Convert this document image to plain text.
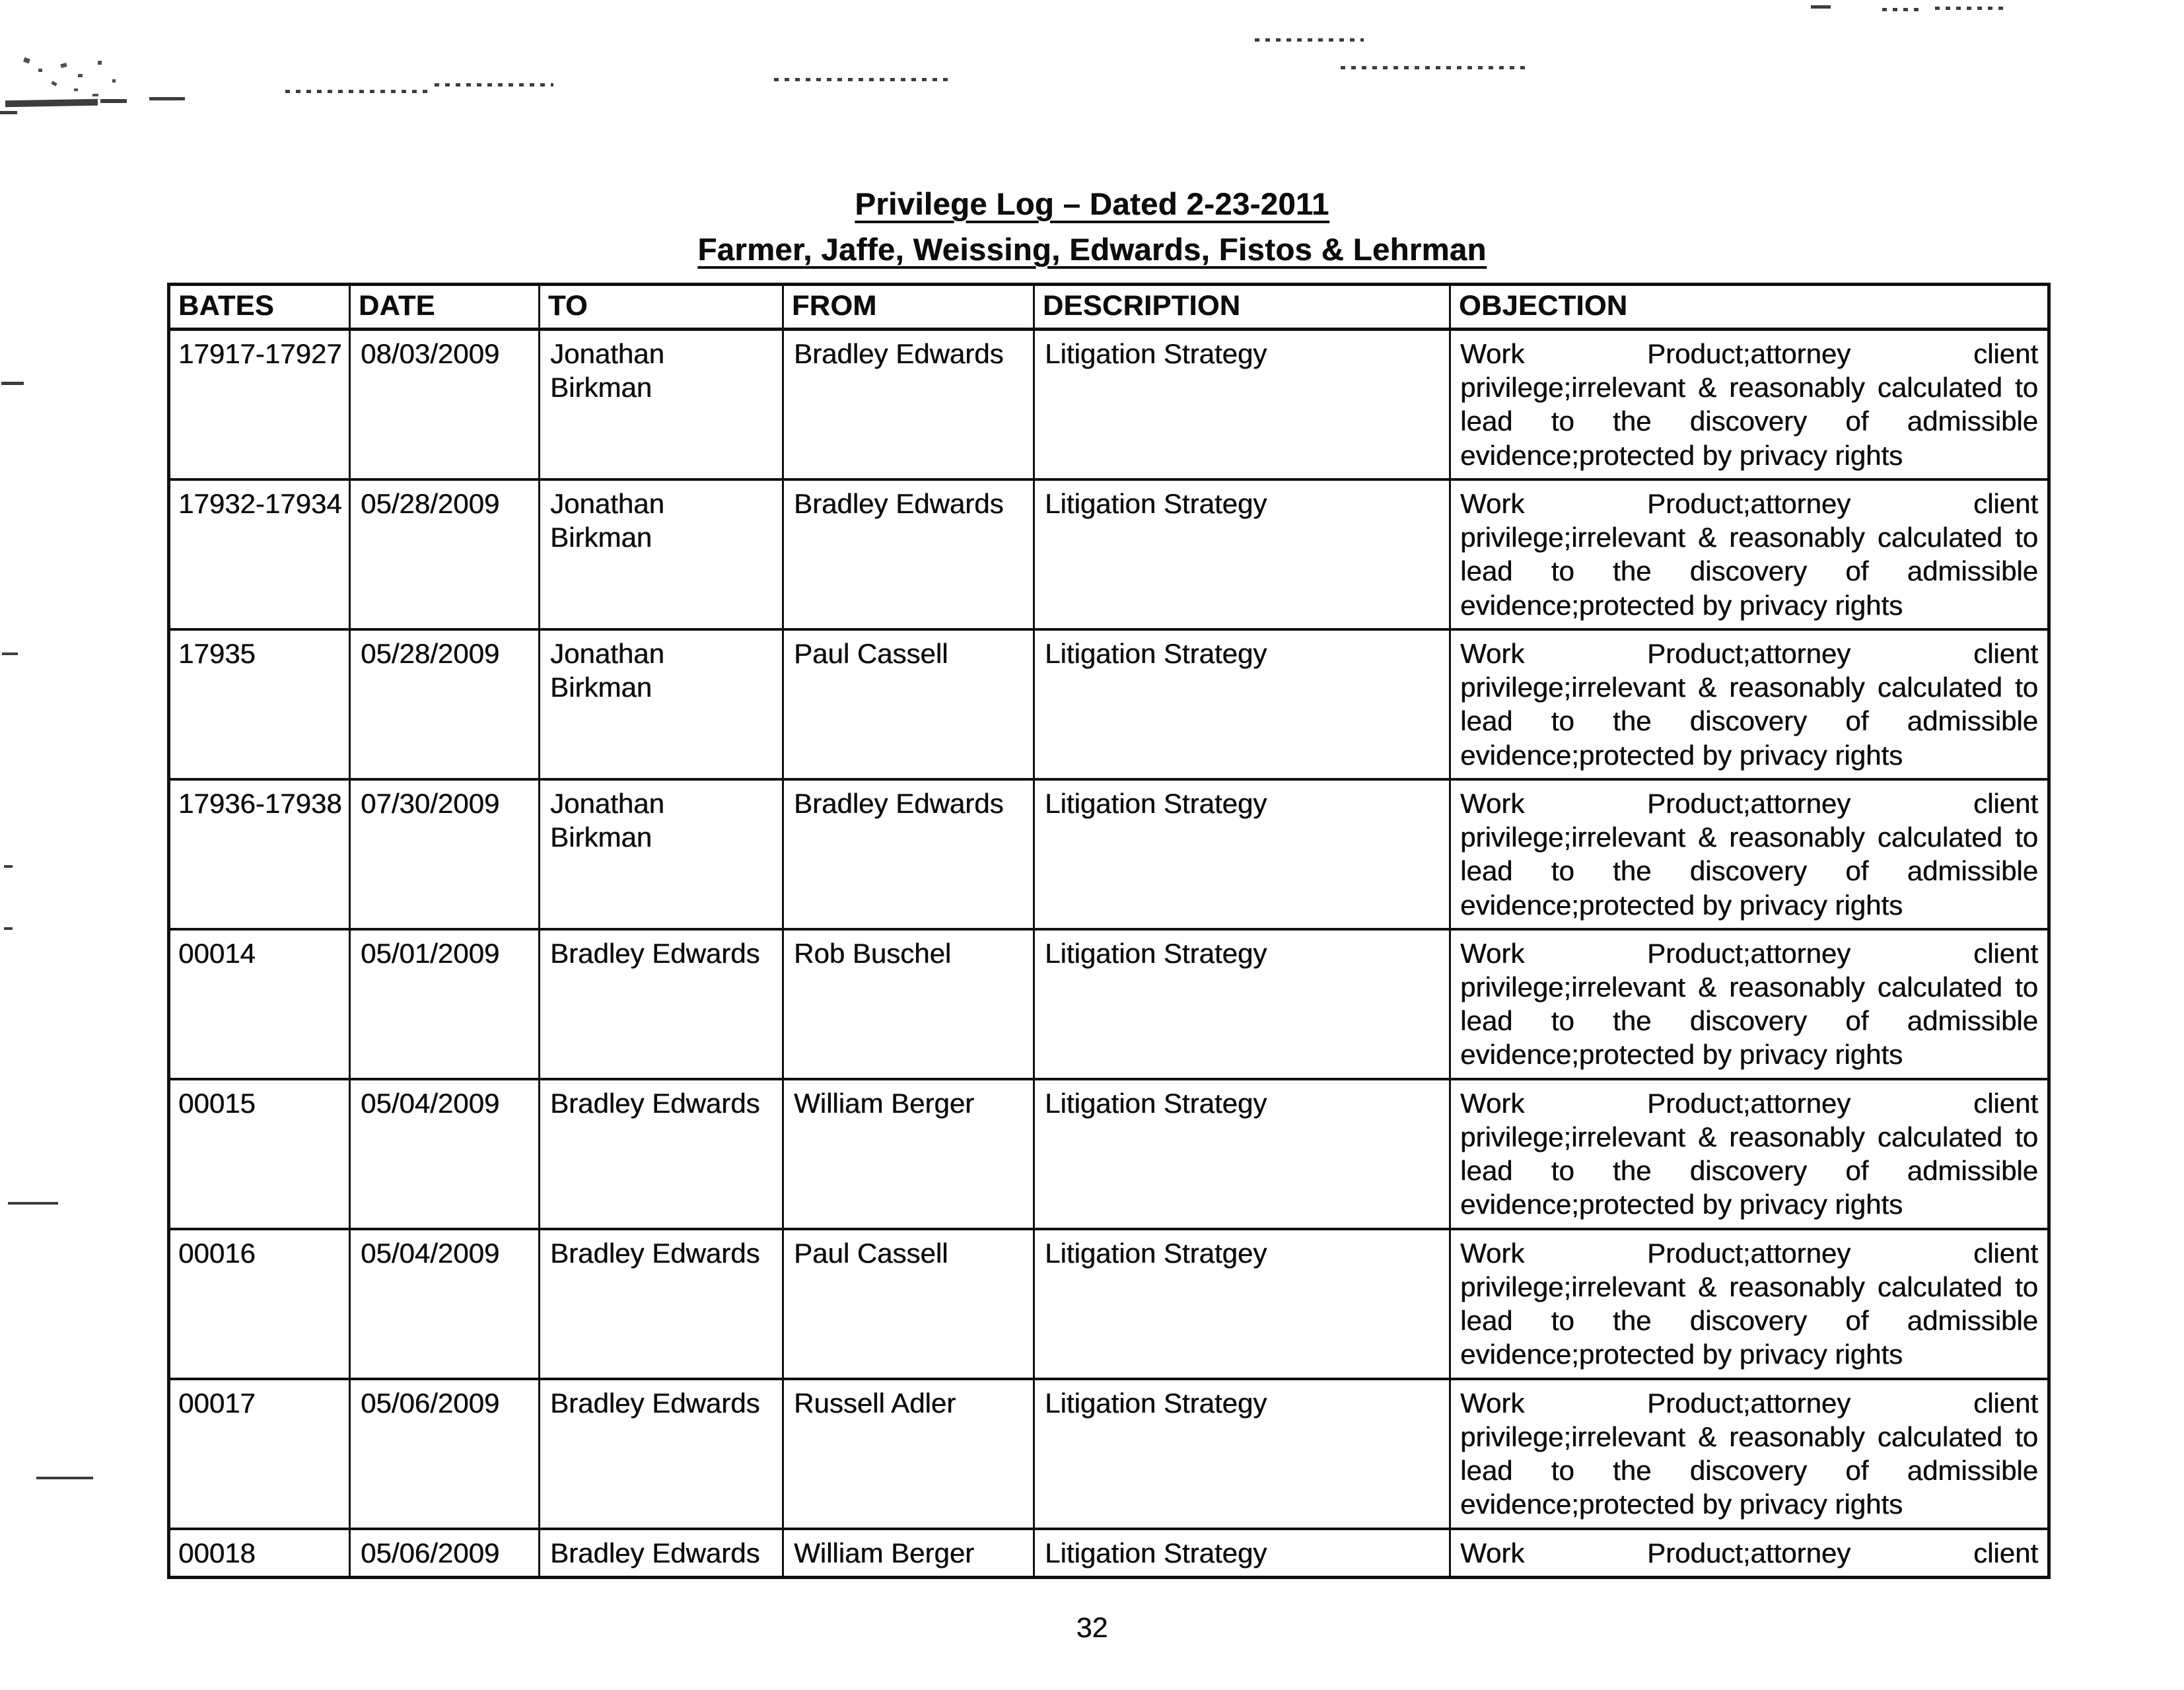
Privilege Log – Dated 2-23-2011
Farmer, Jaffe, Weissing, Edwards, Fistos & Lehrman
BATES	DATE	TO	FROM	DESCRIPTION	OBJECTION
17917-17927	08/03/2009	Jonathan Birkman	Bradley Edwards	Litigation Strategy	Work Product;attorney client privilege;irrelevant & reasonably calculated to lead to the discovery of admissible evidence;protected by privacy rights
17932-17934	05/28/2009	Jonathan Birkman	Bradley Edwards	Litigation Strategy	Work Product;attorney client privilege;irrelevant & reasonably calculated to lead to the discovery of admissible evidence;protected by privacy rights
17935	05/28/2009	Jonathan Birkman	Paul Cassell	Litigation Strategy	Work Product;attorney client privilege;irrelevant & reasonably calculated to lead to the discovery of admissible evidence;protected by privacy rights
17936-17938	07/30/2009	Jonathan Birkman	Bradley Edwards	Litigation Strategy	Work Product;attorney client privilege;irrelevant & reasonably calculated to lead to the discovery of admissible evidence;protected by privacy rights
00014	05/01/2009	Bradley Edwards	Rob Buschel	Litigation Strategy	Work Product;attorney client privilege;irrelevant & reasonably calculated to lead to the discovery of admissible evidence;protected by privacy rights
00015	05/04/2009	Bradley Edwards	William Berger	Litigation Strategy	Work Product;attorney client privilege;irrelevant & reasonably calculated to lead to the discovery of admissible evidence;protected by privacy rights
00016	05/04/2009	Bradley Edwards	Paul Cassell	Litigation Stratgey	Work Product;attorney client privilege;irrelevant & reasonably calculated to lead to the discovery of admissible evidence;protected by privacy rights
00017	05/06/2009	Bradley Edwards	Russell Adler	Litigation Strategy	Work Product;attorney client privilege;irrelevant & reasonably calculated to lead to the discovery of admissible evidence;protected by privacy rights
00018	05/06/2009	Bradley Edwards	William Berger	Litigation Strategy	Work Product;attorney client
32
